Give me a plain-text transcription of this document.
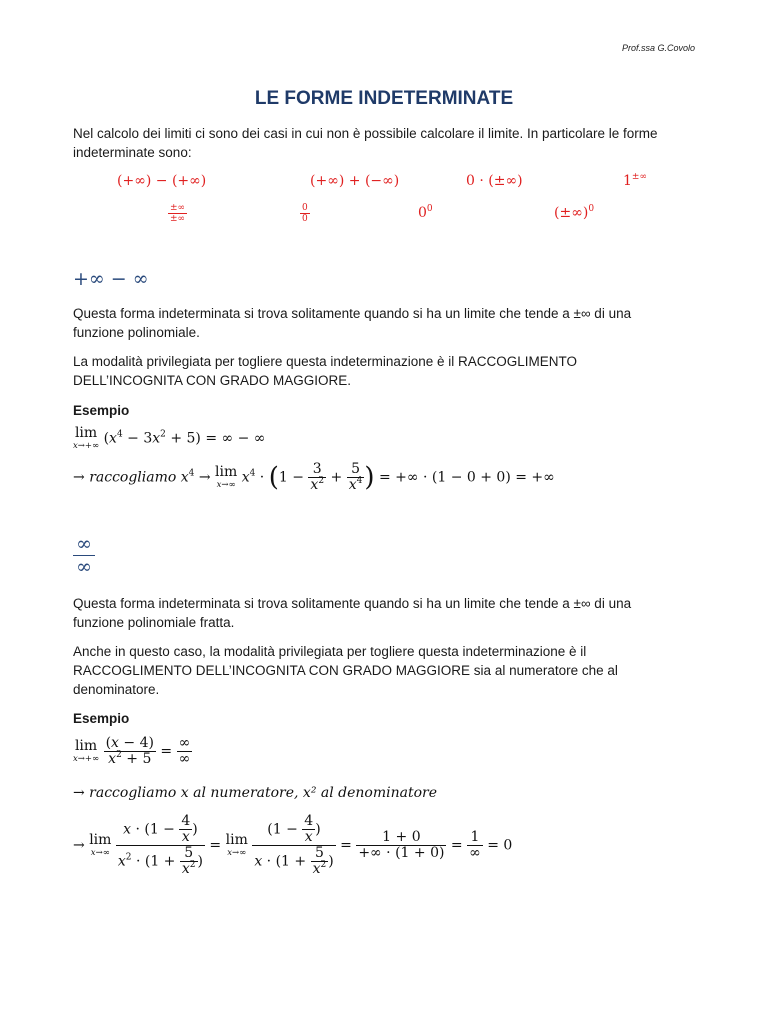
Prof.ssa G.Covolo
LE FORME INDETERMINATE
Nel calcolo dei limiti ci sono dei casi in cui non è possibile calcolare il limite. In particolare le forme
indeterminate sono:
(+∞) − (+∞)	(+∞) + (−∞)	0 · (±∞)	1±∞
$\frac{\pm\infty}{\pm\infty}$	$\frac{0}{0}$	$0^0$	(±∞)$^0$
+∞ − ∞
Questa forma indeterminata si trova solitamente quando si ha un limite che tende a ±∞ di una
funzione polinomiale.
La modalità privilegiata per togliere questa indeterminazione è il RACCOGLIMENTO
DELL’INCOGNITA CON GRADO MAGGIORE.
Esempio
lim
x→+∞ $(x^4 - 3x^2 + 5)$ = ∞ − ∞
→ raccogliamo $x^4 \to \lim$
x→∞ $x^4 \cdot (1 - \frac{3}{x^2} + \frac{5}{x^4}$ ) = +∞ · (1 − 0 + 0) = +∞
∞
∞
Questa forma indeterminata si trova solitamente quando si ha un limite che tende a ±∞ di una
funzione polinomiale fratta.
Anche in questo caso, la modalità privilegiata per togliere questa indeterminazione è il
RACCOGLIMENTO DELL’INCOGNITA CON GRADO MAGGIORE sia al numeratore che al
denominatore.
Esempio
lim
x→+∞
$\frac{(x - 4)}{x^2 + 5} = \frac{\infty}{\infty}$
→ raccogliamo x al numeratore, x² al denominatore
→ lim
x→∞
$\frac{x \cdot (1 - \frac{4}{x} )}{x^2 \cdot (1 + \frac{5}{x^2} )} = \lim$
x→∞
$\frac{(1 - \frac{4}{x} )}{x \cdot (1 + \frac{5}{x^2} )} = \frac{1 + 0}{+\infty \cdot (1 + 0)} = \frac{1}{\infty} = 0$
